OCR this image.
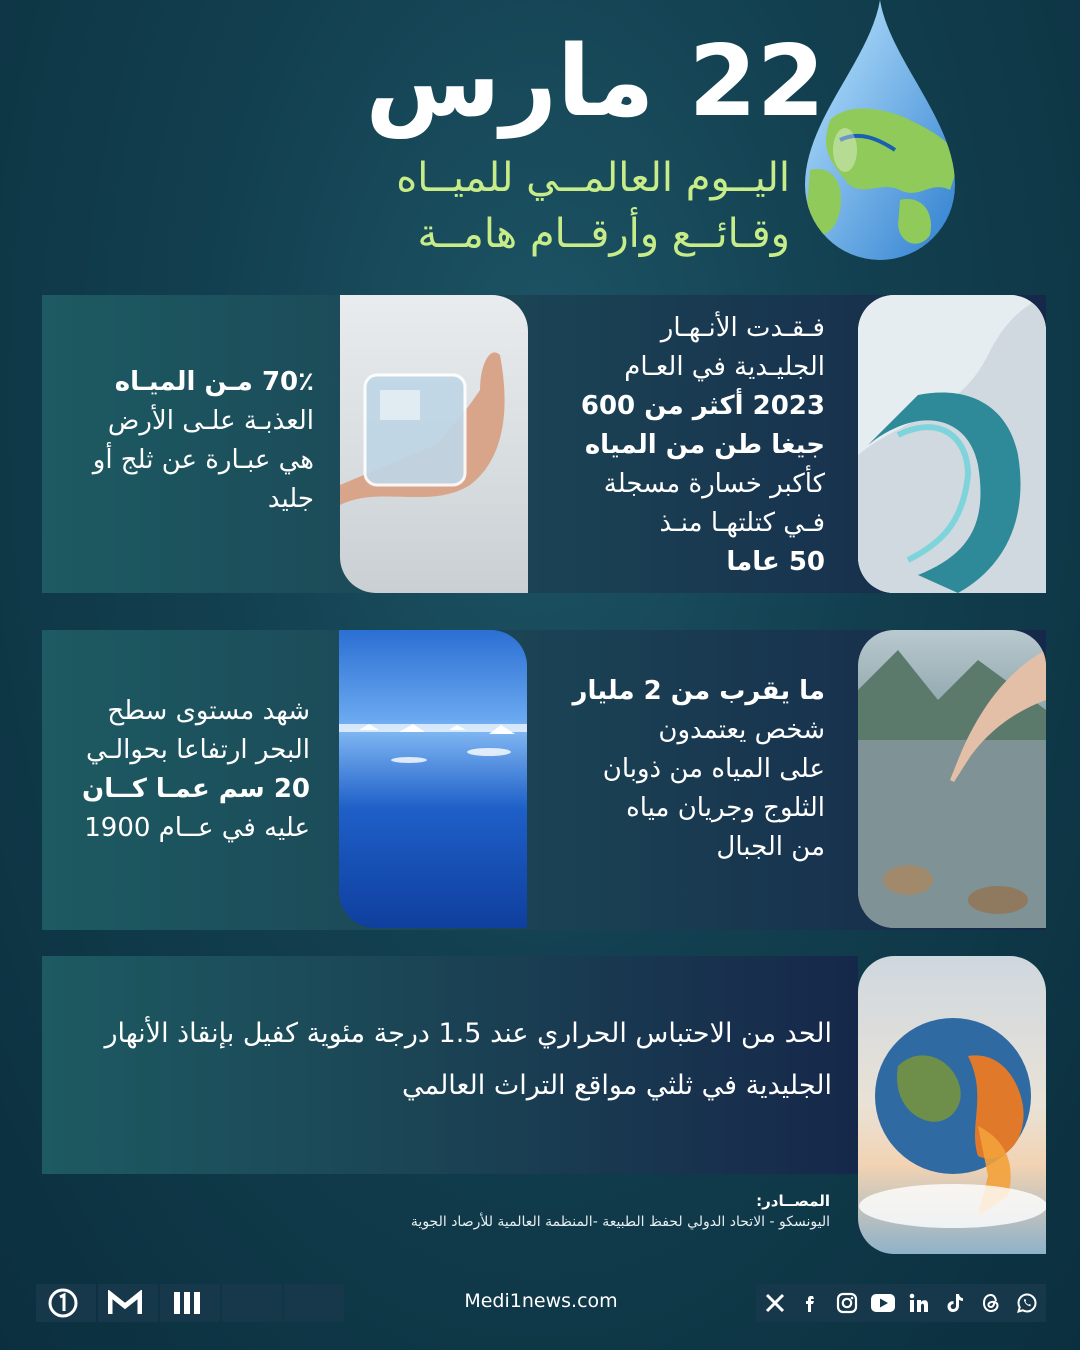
22 مارس
اليــوم العالمــي للميــاه
وقـائــع وأرقــام هامــة
70٪ مـن الميـاه
العذبـة علـى الأرض
هي عبـارة عن ثلج أو
جليد
فـقـدت الأنـهـار
الجليـدية في العـام
2023 أكثر من 600
جيغا طن من المياه
كأكبر خسارة مسجلة
فـي كتلتهـا منـذ
50 عاما
شهد مستوى سطح
البحر ارتفاعا بحوالـي
20 سم عمـا كــان
عليه في عــام 1900
ما يقرب من 2 مليار
شخص يعتمدون
على المياه من ذوبان
الثلوج وجريان مياه
من الجبال
الحد من الاحتباس الحراري عند 1.5 درجة مئوية كفيل بإنقاذ الأنهار
الجليدية في ثلثي مواقع التراث العالمي
المصــادر:
اليونسكو - الاتحاد الدولي لحفظ الطبيعة -المنظمة العالمية للأرصاد الجوية
Medi1news.com
